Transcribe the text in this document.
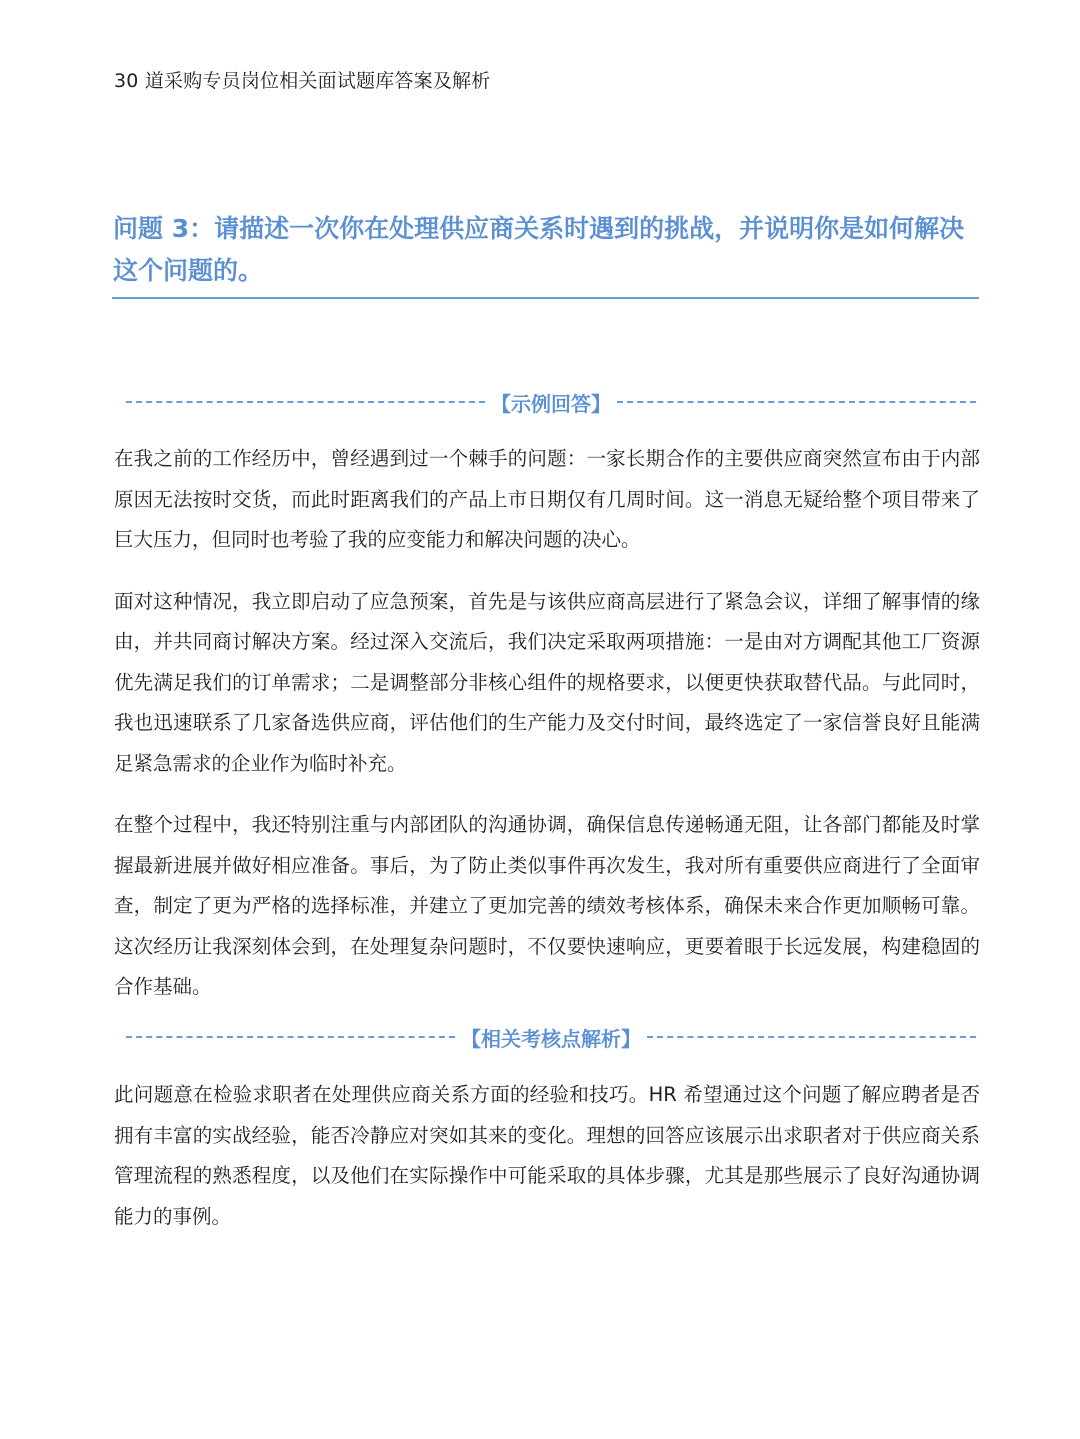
30 道采购专员岗位相关面试题库答案及解析
问题 3：请描述一次你在处理供应商关系时遇到的挑战，并说明你是如何解决这个问题的。
【示例回答】

在我之前的工作经历中，曾经遇到过一个棘手的问题：一家长期合作的主要供应商突然宣布由于内部原因无法按时交货，而此时距离我们的产品上市日期仅有几周时间。这一消息无疑给整个项目带来了巨大压力，但同时也考验了我的应变能力和解决问题的决心。

面对这种情况，我立即启动了应急预案，首先是与该供应商高层进行了紧急会议，详细了解事情的缘由，并共同商讨解决方案。经过深入交流后，我们决定采取两项措施：一是由对方调配其他工厂资源优先满足我们的订单需求；二是调整部分非核心组件的规格要求，以便更快获取替代品。与此同时，我也迅速联系了几家备选供应商，评估他们的生产能力及交付时间，最终选定了一家信誉良好且能满足紧急需求的企业作为临时补充。

在整个过程中，我还特别注重与内部团队的沟通协调，确保信息传递畅通无阻，让各部门都能及时掌握最新进展并做好相应准备。事后，为了防止类似事件再次发生，我对所有重要供应商进行了全面审查，制定了更为严格的选择标准，并建立了更加完善的绩效考核体系，确保未来合作更加顺畅可靠。这次经历让我深刻体会到，在处理复杂问题时，不仅要快速响应，更要着眼于长远发展，构建稳固的合作基础。

【相关考核点解析】

此问题意在检验求职者在处理供应商关系方面的经验和技巧。HR 希望通过这个问题了解应聘者是否拥有丰富的实战经验，能否冷静应对突如其来的变化。理想的回答应该展示出求职者对于供应商关系管理流程的熟悉程度，以及他们在实际操作中可能采取的具体步骤，尤其是那些展示了良好沟通协调能力的事例。
